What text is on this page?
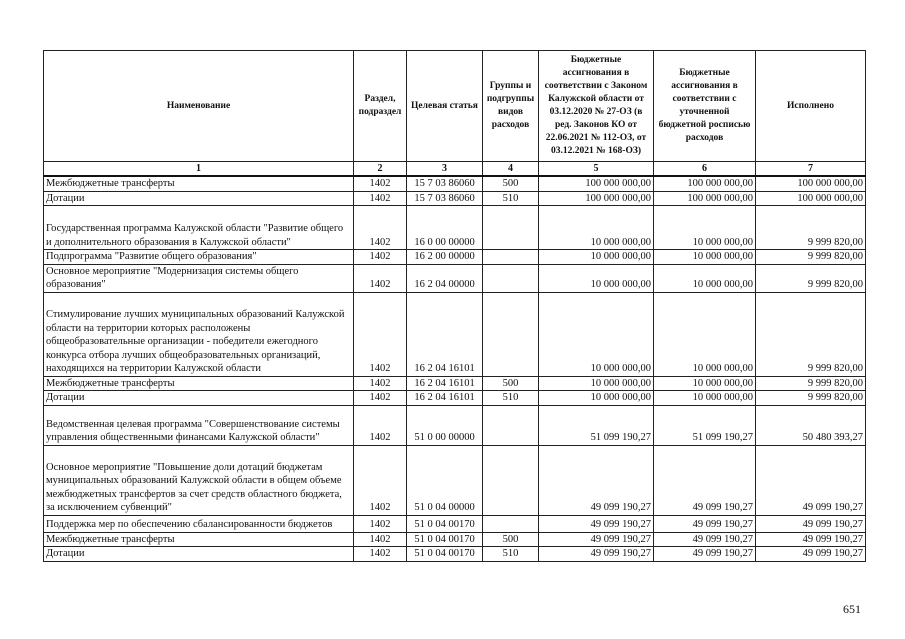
Наименование	Раздел, подраздел	Целевая статья	Группы и подгруппы видов расходов	Бюджетные ассигнования в соответствии с Законом Калужской области от 03.12.2020 № 27-ОЗ (в ред. Законов КО от 22.06.2021 № 112-ОЗ, от 03.12.2021 № 168-ОЗ)	Бюджетные ассигнования в соответствии с уточненной бюджетной росписью расходов	Исполнено
1	2	3	4	5	6	7
Межбюджетные трансферты	1402	15 7 03 86060	500	100 000 000,00	100 000 000,00	100 000 000,00
Дотации	1402	15 7 03 86060	510	100 000 000,00	100 000 000,00	100 000 000,00
Государственная программа Калужской области "Развитие общего и дополнительного образования в Калужской области"	1402	16 0 00 00000		10 000 000,00	10 000 000,00	9 999 820,00
Подпрограмма "Развитие общего образования"	1402	16 2 00 00000		10 000 000,00	10 000 000,00	9 999 820,00
Основное мероприятие "Модернизация системы общего образования"	1402	16 2 04 00000		10 000 000,00	10 000 000,00	9 999 820,00
Стимулирование лучших муниципальных образований Калужской области на территории которых расположены общеобразовательные организации - победители ежегодного конкурса отбора лучших общеобразовательных организаций, находящихся на территории Калужской области	1402	16 2 04 16101		10 000 000,00	10 000 000,00	9 999 820,00
Межбюджетные трансферты	1402	16 2 04 16101	500	10 000 000,00	10 000 000,00	9 999 820,00
Дотации	1402	16 2 04 16101	510	10 000 000,00	10 000 000,00	9 999 820,00
Ведомственная целевая программа "Совершенствование системы управления общественными финансами Калужской области"	1402	51 0 00 00000		51 099 190,27	51 099 190,27	50 480 393,27
Основное мероприятие "Повышение доли дотаций бюджетам муниципальных образований Калужской области в общем объеме межбюджетных трансфертов за счет средств областного бюджета, за исключением субвенций"	1402	51 0 04 00000		49 099 190,27	49 099 190,27	49 099 190,27
Поддержка мер по обеспечению сбалансированности бюджетов	1402	51 0 04 00170		49 099 190,27	49 099 190,27	49 099 190,27
Межбюджетные трансферты	1402	51 0 04 00170	500	49 099 190,27	49 099 190,27	49 099 190,27
Дотации	1402	51 0 04 00170	510	49 099 190,27	49 099 190,27	49 099 190,27
651
